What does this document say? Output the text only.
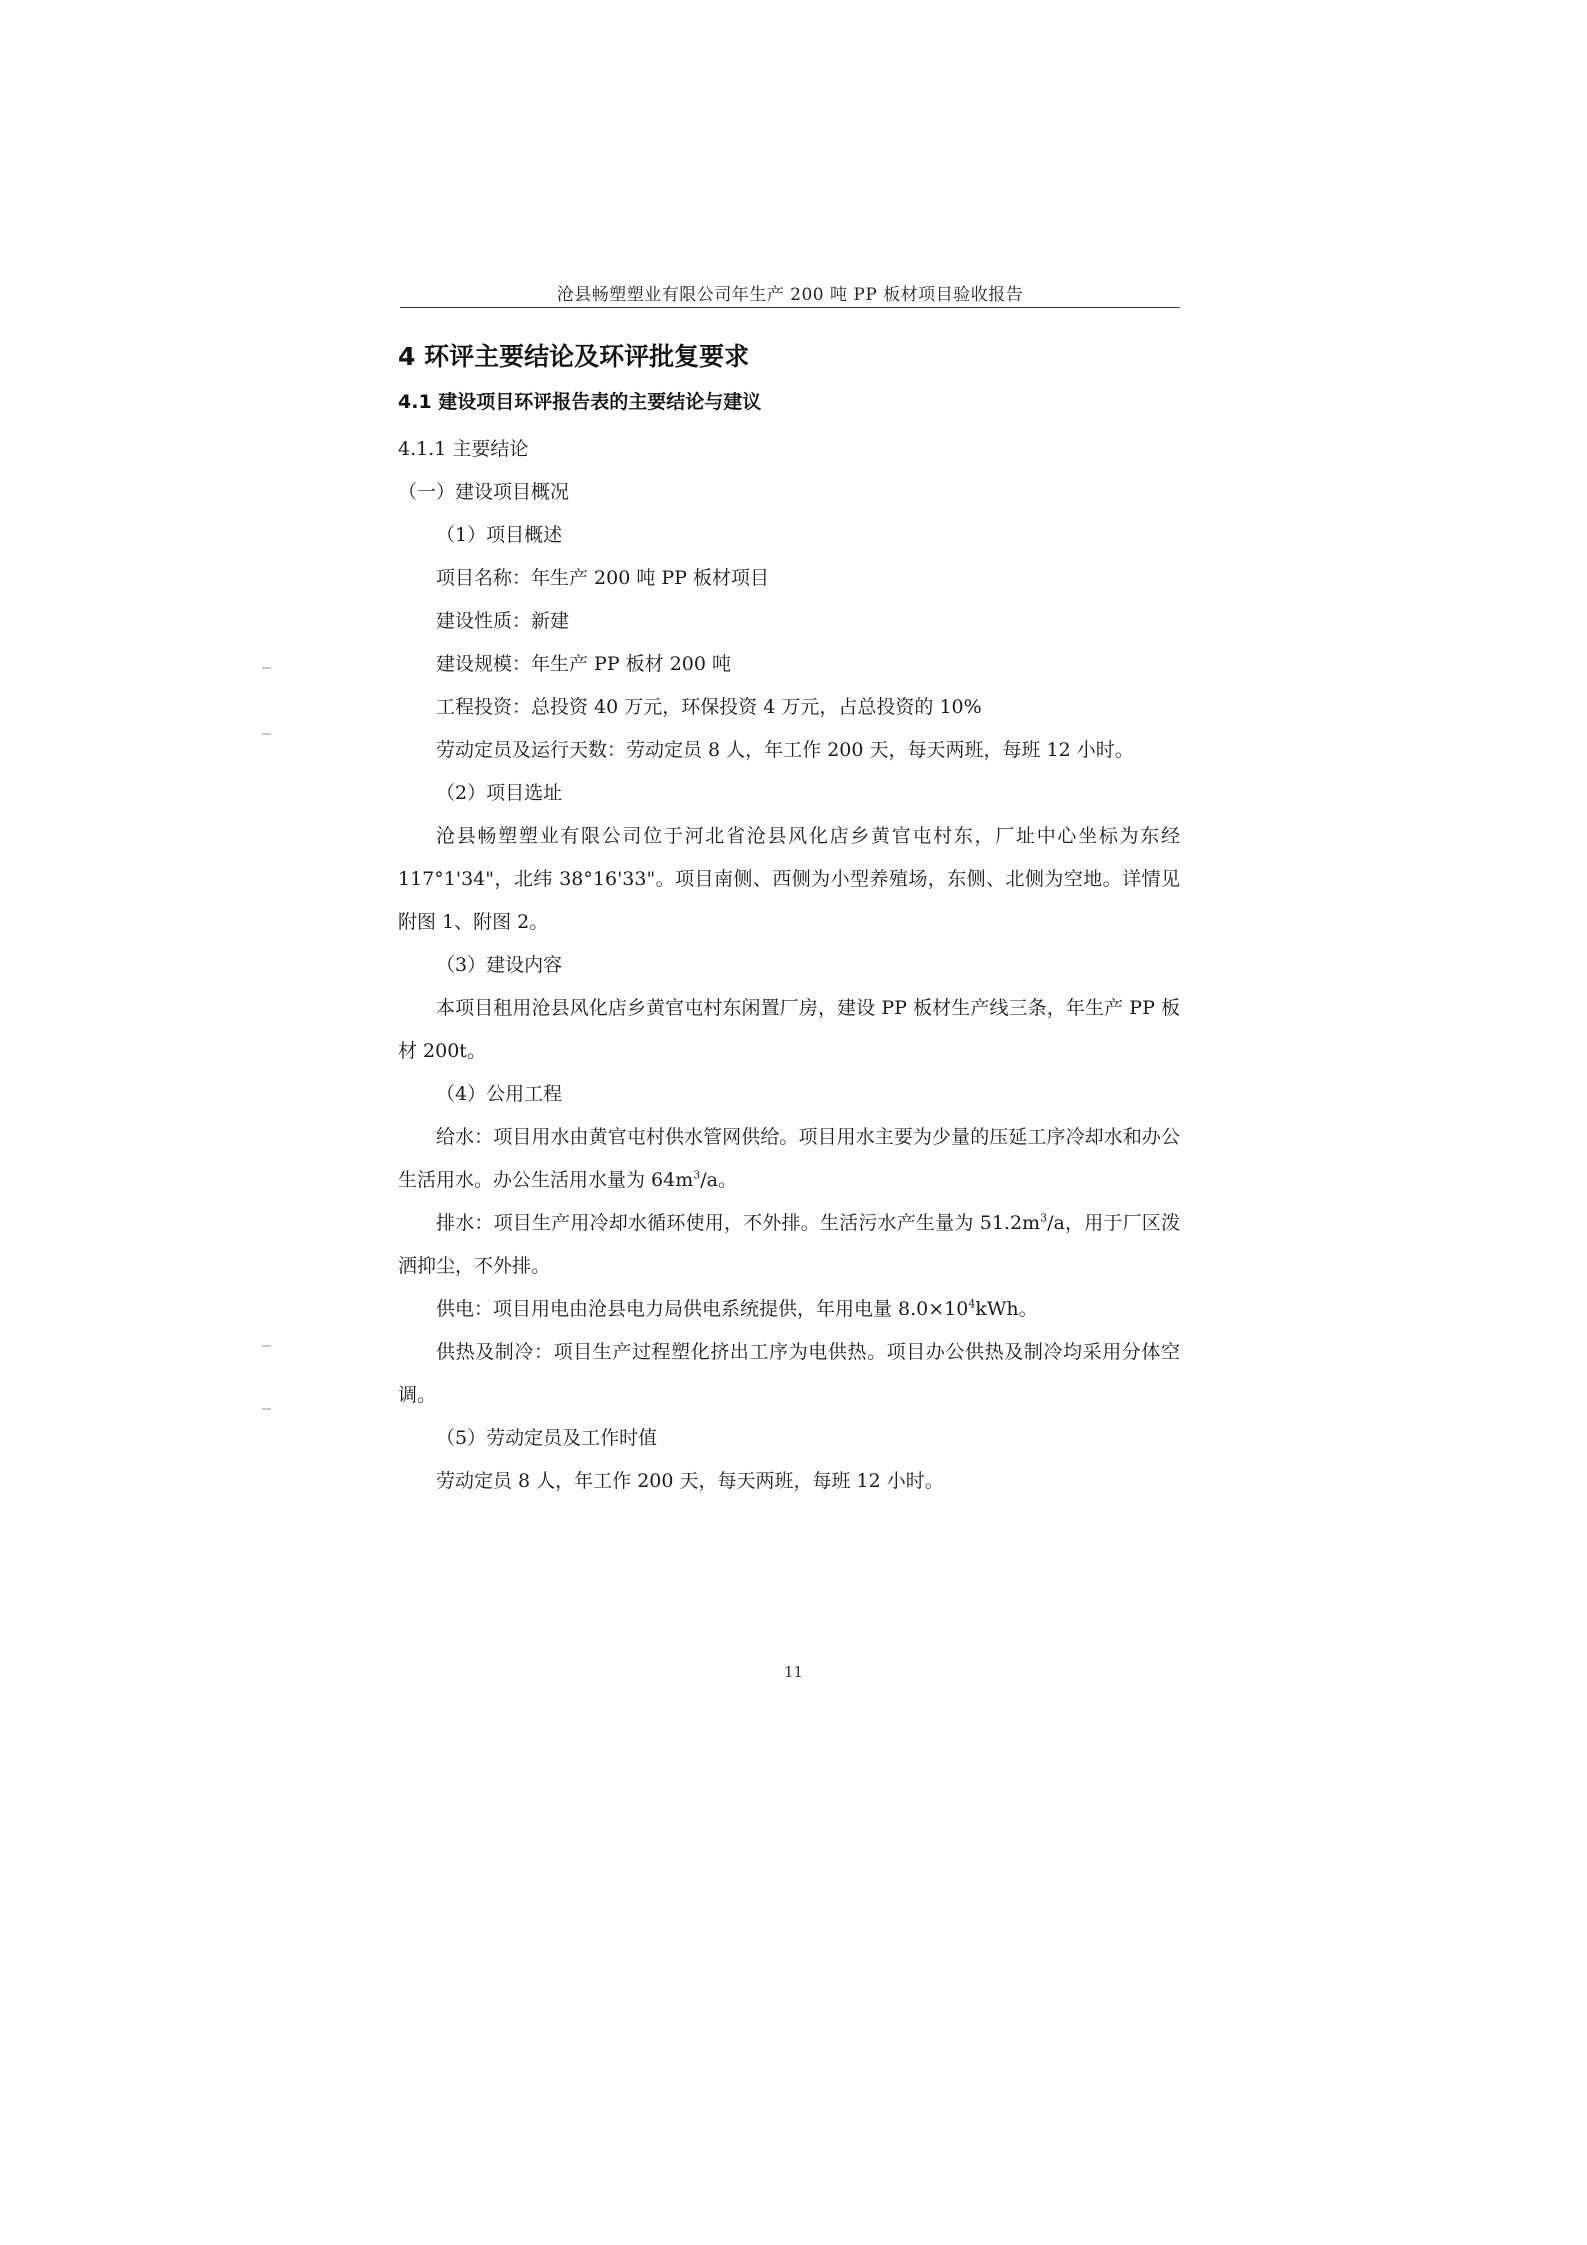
沧县畅塑塑业有限公司年生产 200 吨 PP 板材项目验收报告
4 环评主要结论及环评批复要求
4.1 建设项目环评报告表的主要结论与建议

4.1.1 主要结论

（一）建设项目概况

（1）项目概述

项目名称：年生产 200 吨 PP 板材项目

建设性质：新建

建设规模：年生产 PP 板材 200 吨

工程投资：总投资 40 万元，环保投资 4 万元，占总投资的 10%

劳动定员及运行天数：劳动定员 8 人，年工作 200 天，每天两班，每班 12 小时。

（2）项目选址

沧县畅塑塑业有限公司位于河北省沧县风化店乡黄官屯村东，厂址中心坐标为东经 117°1'34"，北纬 38°16'33"。项目南侧、西侧为小型养殖场，东侧、北侧为空地。详情见附图 1、附图 2。

（3）建设内容

本项目租用沧县风化店乡黄官屯村东闲置厂房，建设 PP 板材生产线三条，年生产 PP 板材 200t。

（4）公用工程

给水：项目用水由黄官屯村供水管网供给。项目用水主要为少量的压延工序冷却水和办公生活用水。办公生活用水量为 $64m^3/a$。

排水：项目生产用冷却水循环使用，不外排。生活污水产生量为 $51.2m^3/a$，用于厂区泼洒抑尘，不外排。

供电：项目用电由沧县电力局供电系统提供，年用电量 $8.0\times 10^4kWh$。

供热及制冷：项目生产过程塑化挤出工序为电供热。项目办公供热及制冷均采用分体空调。

（5）劳动定员及工作时值

劳动定员 8 人，年工作 200 天，每天两班，每班 12 小时。

11
